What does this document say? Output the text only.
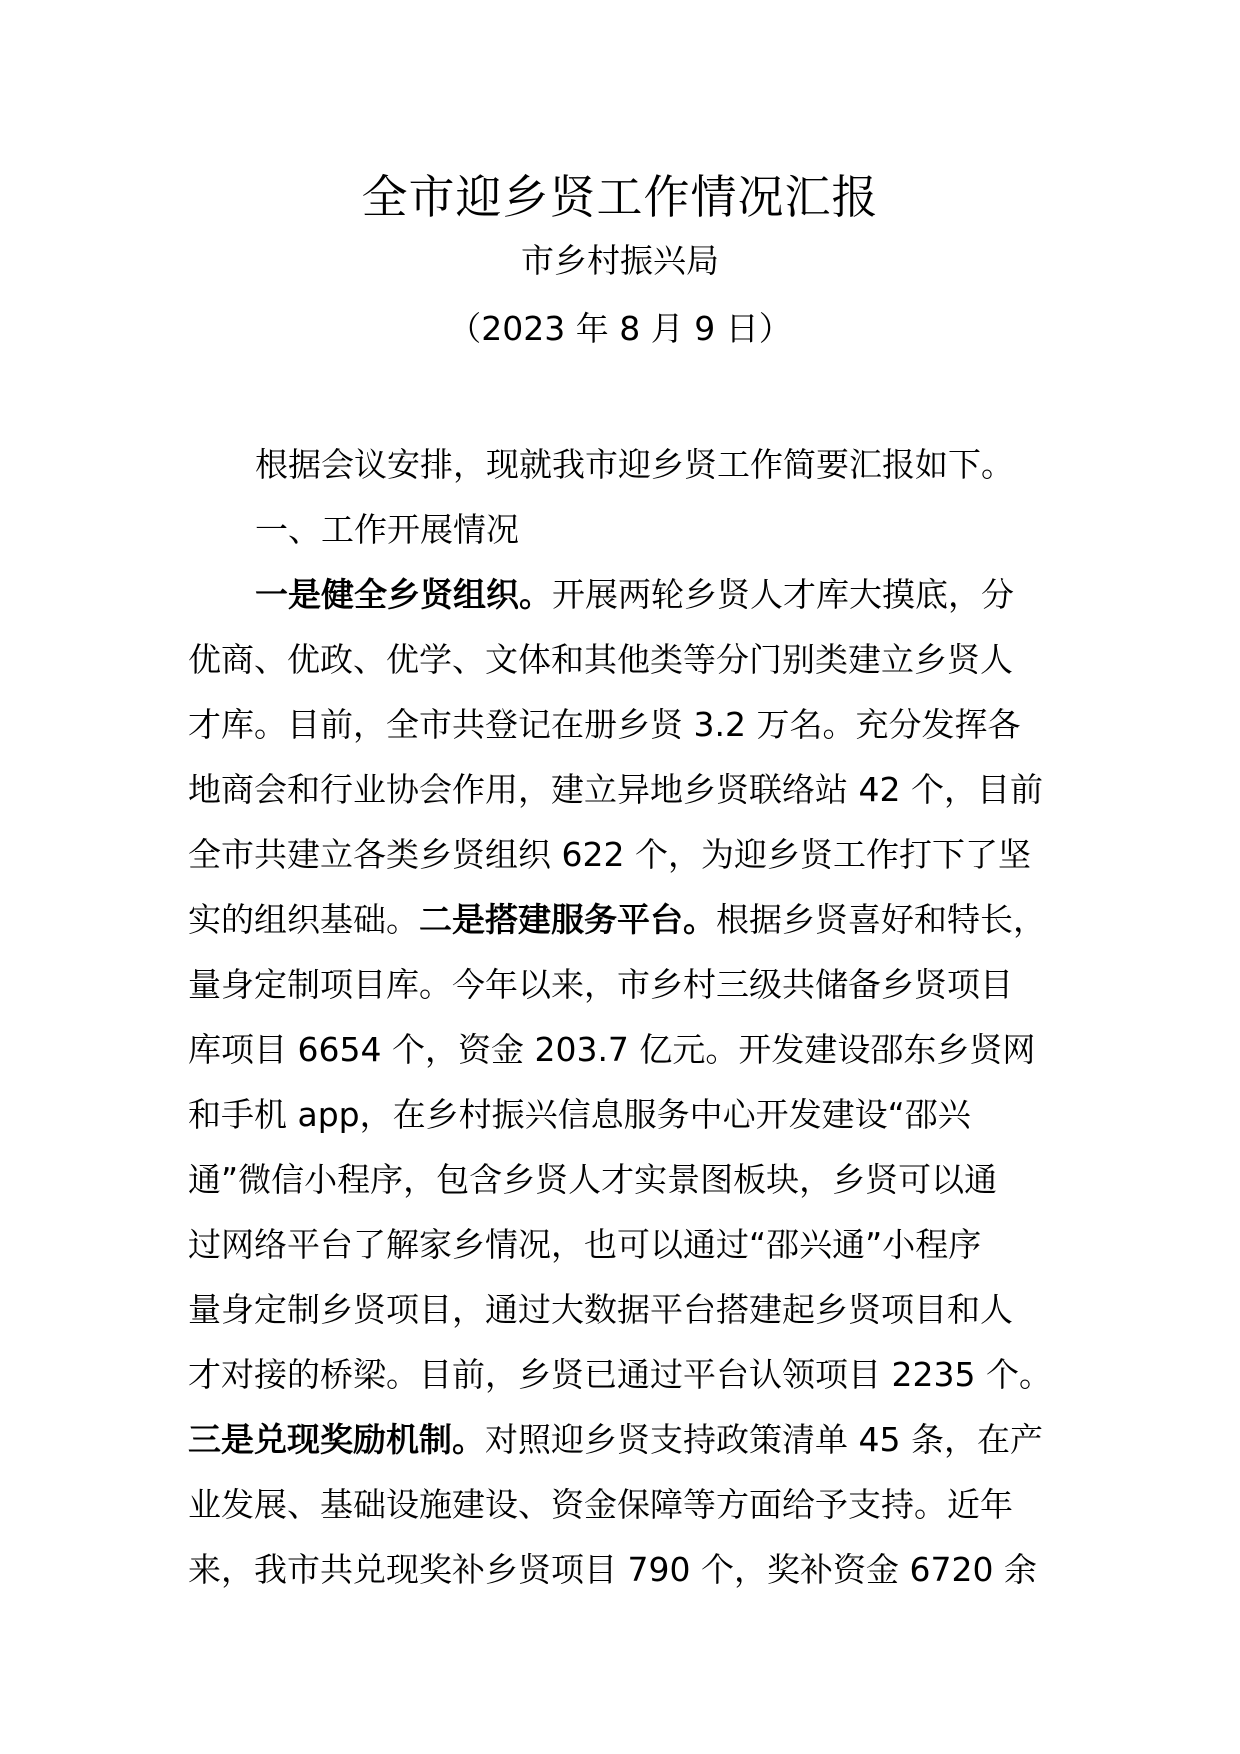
全市迎乡贤工作情况汇报
市乡村振兴局
（2023 年 8 月 9 日）
根据会议安排，现就我市迎乡贤工作简要汇报如下。
一、工作开展情况
一是健全乡贤组织。开展两轮乡贤人才库大摸底，分
优商、优政、优学、文体和其他类等分门别类建立乡贤人
才库。目前，全市共登记在册乡贤 3.2 万名。充分发挥各
地商会和行业协会作用，建立异地乡贤联络站 42 个，目前
全市共建立各类乡贤组织 622 个，为迎乡贤工作打下了坚
实的组织基础。二是搭建服务平台。根据乡贤喜好和特长，
量身定制项目库。今年以来，市乡村三级共储备乡贤项目
库项目 6654 个，资金 203.7 亿元。开发建设邵东乡贤网
和手机 app，在乡村振兴信息服务中心开发建设“邵兴
通”微信小程序，包含乡贤人才实景图板块，乡贤可以通
过网络平台了解家乡情况，也可以通过“邵兴通”小程序
量身定制乡贤项目，通过大数据平台搭建起乡贤项目和人
才对接的桥梁。目前，乡贤已通过平台认领项目 2235 个。
三是兑现奖励机制。对照迎乡贤支持政策清单 45 条，在产
业发展、基础设施建设、资金保障等方面给予支持。近年
来，我市共兑现奖补乡贤项目 790 个，奖补资金 6720 余
